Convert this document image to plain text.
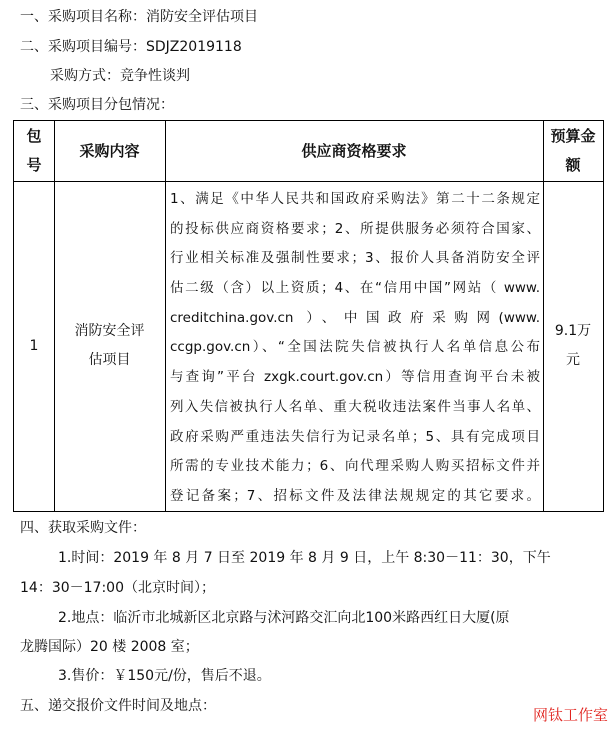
一、采购项目名称：消防安全评估项目
二、采购项目编号：SDJZ2019118
采购方式：竞争性谈判
三、采购项目分包情况：
包
号
采购内容	供应商资格要求
预算金
额
1
消防安全评
估项目
1、满足《中华人民共和国政府采购法》第二十二条规定
的投标供应商资格要求；2、所提供服务必须符合国家、
行业相关标准及强制性要求；3、报价人具备消防安全评
估二级（含）以上资质；4、在“信用中国”网站（ www.
creditchina.gov.cn ）、中国政府采购网(www.
ccgp.gov.cn）、“全国法院失信被执行人名单信息公布
与查询”平台 zxgk.court.gov.cn）等信用查询平台未被
列入失信被执行人名单、重大税收违法案件当事人名单、
政府采购严重违法失信行为记录名单；5、具有完成项目
所需的专业技术能力；6、向代理采购人购买招标文件并
登记备案；7、招标文件及法律法规规定的其它要求。
9.1万
元
四、获取采购文件：
1.时间：2019 年 8 月 7 日至 2019 年 8 月 9 日，上午 8:30－11：30，下午
14：30－17:00（北京时间）；
2.地点：临沂市北城新区北京路与沭河路交汇向北100米路西红日大厦(原
龙腾国际）20 楼 2008 室；
3.售价：￥150元/份，售后不退。
五、递交报价文件时间及地点：	网钛工作室
